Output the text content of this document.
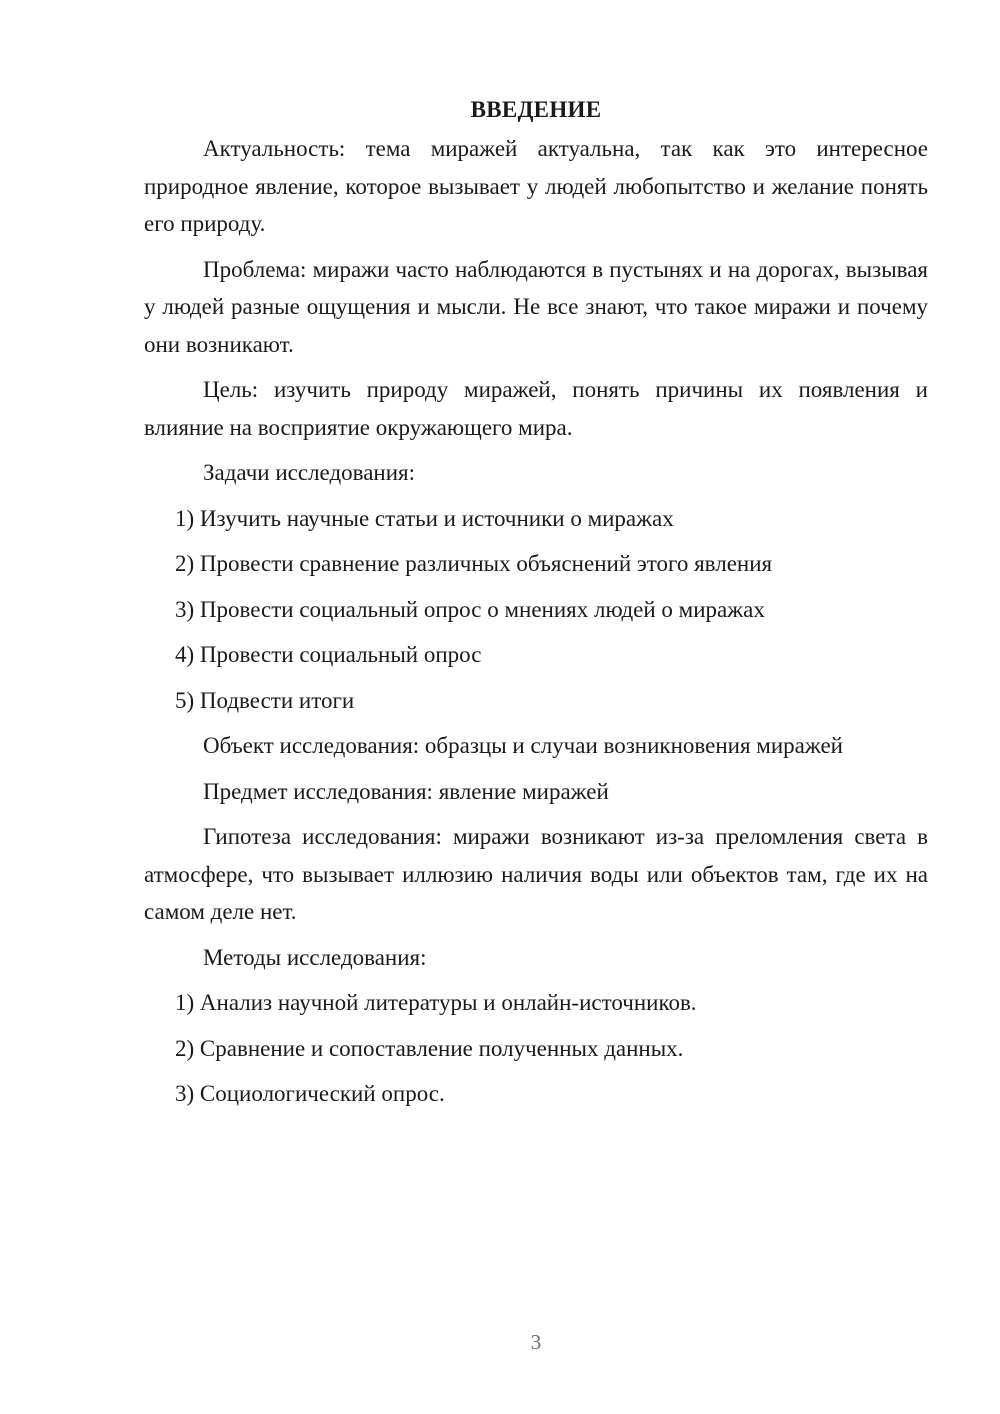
ВВЕДЕНИЕ
Актуальность: тема миражей актуальна, так как это интересное природное явление, которое вызывает у людей любопытство и желание понять его природу.
Проблема: миражи часто наблюдаются в пустынях и на дорогах, вызывая у людей разные ощущения и мысли. Не все знают, что такое миражи и почему они возникают.
Цель: изучить природу миражей, понять причины их появления и влияние на восприятие окружающего мира.
Задачи исследования:
1) Изучить научные статьи и источники о миражах
2) Провести сравнение различных объяснений этого явления
3) Провести социальный опрос о мнениях людей о миражах
4) Провести социальный опрос
5) Подвести итоги
Объект исследования: образцы и случаи возникновения миражей
Предмет исследования: явление миражей
Гипотеза исследования: миражи возникают из-за преломления света в атмосфере, что вызывает иллюзию наличия воды или объектов там, где их на самом деле нет.
Методы исследования:
1) Анализ научной литературы и онлайн-источников.
2) Сравнение и сопоставление полученных данных.
3) Социологический опрос.
3
